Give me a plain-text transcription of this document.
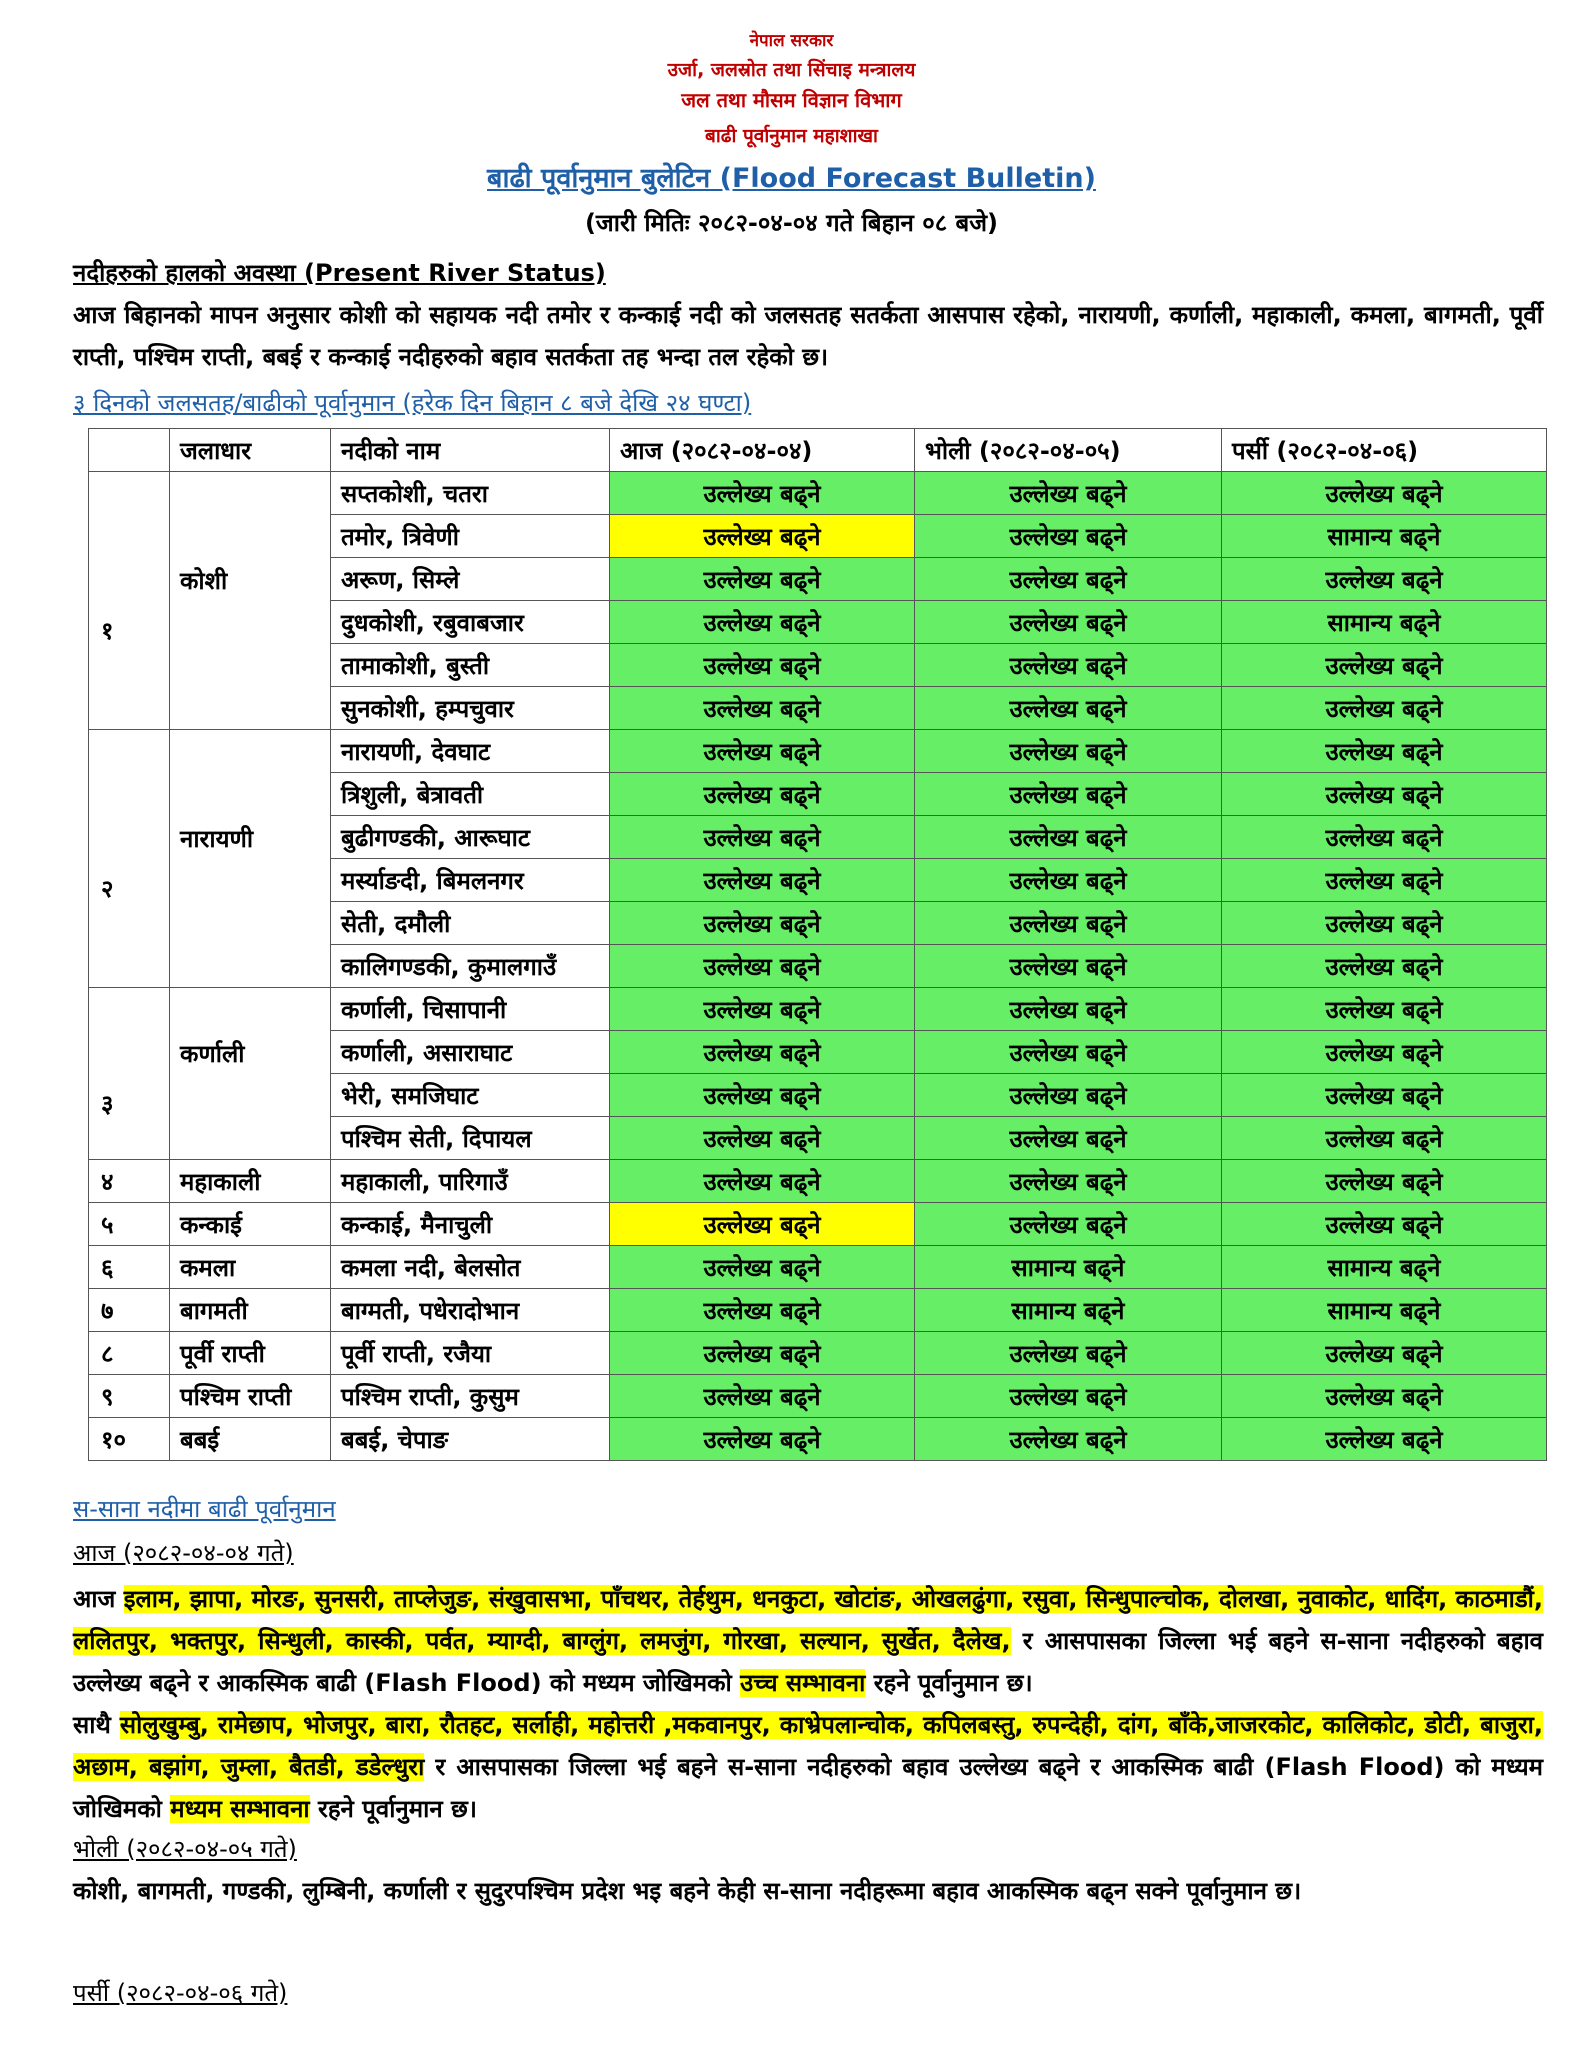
नेपाल सरकार
उर्जा, जलस्रोत तथा सिंचाइ मन्त्रालय
जल तथा मौसम विज्ञान विभाग
बाढी पूर्वानुमान महाशाखा
बाढी पूर्वानुमान बुलेटिन (Flood Forecast Bulletin)
(जारी मितिः २०८२-०४-०४ गते बिहान ०८ बजे)
नदीहरुको हालको अवस्था (Present River Status)
आज बिहानको मापन अनुसार कोशी को सहायक नदी तमोर र कन्काई नदी को जलसतह सतर्कता आसपास रहेको, नारायणी, कर्णाली, महाकाली, कमला, बागमती, पूर्वी राप्ती, पश्चिम राप्ती, बबई र कन्काई नदीहरुको बहाव सतर्कता तह भन्दा तल रहेको छ।
३ दिनको जलसतह/बाढीको पूर्वानुमान (हरेक दिन बिहान ८ बजे देखि २४ घण्टा)
	जलाधार	नदीको नाम	आज (२०८२-०४-०४)	भोली (२०८२-०४-०५)	पर्सी (२०८२-०४-०६)
१	कोशी	सप्तकोशी, चतरा	उल्लेख्य बढ्ने	उल्लेख्य बढ्ने	उल्लेख्य बढ्ने
		तमोर, त्रिवेणी	उल्लेख्य बढ्ने	उल्लेख्य बढ्ने	सामान्य बढ्ने
		अरूण, सिम्ले	उल्लेख्य बढ्ने	उल्लेख्य बढ्ने	उल्लेख्य बढ्ने
		दुधकोशी, रबुवाबजार	उल्लेख्य बढ्ने	उल्लेख्य बढ्ने	सामान्य बढ्ने
		तामाकोशी, बुस्ती	उल्लेख्य बढ्ने	उल्लेख्य बढ्ने	उल्लेख्य बढ्ने
		सुनकोशी, हम्पचुवार	उल्लेख्य बढ्ने	उल्लेख्य बढ्ने	उल्लेख्य बढ्ने
२	नारायणी	नारायणी, देवघाट	उल्लेख्य बढ्ने	उल्लेख्य बढ्ने	उल्लेख्य बढ्ने
		त्रिशुली, बेत्रावती	उल्लेख्य बढ्ने	उल्लेख्य बढ्ने	उल्लेख्य बढ्ने
		बुढीगण्डकी, आरूघाट	उल्लेख्य बढ्ने	उल्लेख्य बढ्ने	उल्लेख्य बढ्ने
		मर्स्याङदी, बिमलनगर	उल्लेख्य बढ्ने	उल्लेख्य बढ्ने	उल्लेख्य बढ्ने
		सेती, दमौली	उल्लेख्य बढ्ने	उल्लेख्य बढ्ने	उल्लेख्य बढ्ने
		कालिगण्डकी, कुमालगाउँ	उल्लेख्य बढ्ने	उल्लेख्य बढ्ने	उल्लेख्य बढ्ने
३	कर्णाली	कर्णाली, चिसापानी	उल्लेख्य बढ्ने	उल्लेख्य बढ्ने	उल्लेख्य बढ्ने
		कर्णाली, असाराघाट	उल्लेख्य बढ्ने	उल्लेख्य बढ्ने	उल्लेख्य बढ्ने
		भेरी, समजिघाट	उल्लेख्य बढ्ने	उल्लेख्य बढ्ने	उल्लेख्य बढ्ने
		पश्चिम सेती, दिपायल	उल्लेख्य बढ्ने	उल्लेख्य बढ्ने	उल्लेख्य बढ्ने
४	महाकाली	महाकाली, पारिगाउँ	उल्लेख्य बढ्ने	उल्लेख्य बढ्ने	उल्लेख्य बढ्ने
५	कन्काई	कन्काई, मैनाचुली	उल्लेख्य बढ्ने	उल्लेख्य बढ्ने	उल्लेख्य बढ्ने
६	कमला	कमला नदी, बेलसोत	उल्लेख्य बढ्ने	सामान्य बढ्ने	सामान्य बढ्ने
७	बागमती	बाग्मती, पधेरादोभान	उल्लेख्य बढ्ने	सामान्य बढ्ने	सामान्य बढ्ने
८	पूर्वी राप्ती	पूर्वी राप्ती, रजैया	उल्लेख्य बढ्ने	उल्लेख्य बढ्ने	उल्लेख्य बढ्ने
९	पश्चिम राप्ती	पश्चिम राप्ती, कुसुम	उल्लेख्य बढ्ने	उल्लेख्य बढ्ने	उल्लेख्य बढ्ने
१०	बबई	बबई, चेपाङ	उल्लेख्य बढ्ने	उल्लेख्य बढ्ने	उल्लेख्य बढ्ने
स-साना नदीमा बाढी पूर्वानुमान
आज (२०८२-०४-०४ गते)
आज इलाम, झापा, मोरङ, सुनसरी, ताप्लेजुङ, संखुवासभा, पाँचथर, तेर्हथुम, धनकुटा, खोटांङ, ओखलढुंगा, रसुवा, सिन्धुपाल्चोक, दोलखा, नुवाकोट, धादिंग, काठमाडौं, ललितपुर, भक्तपुर, सिन्धुली, कास्की, पर्वत, म्याग्दी, बाग्लुंग, लमजुंग, गोरखा, सल्यान, सुर्खेत, दैलेख, र आसपासका जिल्ला भई बहने स-साना नदीहरुको बहाव उल्लेख्य बढ्ने र आकस्मिक बाढी (Flash Flood) को मध्यम जोखिमको उच्च सम्भावना रहने पूर्वानुमान छ।
साथै सोलुखुम्बु, रामेछाप, भोजपुर, बारा, रौतहट, सर्लाही, महोत्तरी ,मकवानपुर, काभ्रेपलान्चोक, कपिलबस्तु, रुपन्देही, दांग, बाँके,जाजरकोट, कालिकोट, डोटी, बाजुरा, अछाम, बझांग, जुम्ला, बैतडी, डडेल्धुरा र आसपासका जिल्ला भई बहने स-साना नदीहरुको बहाव उल्लेख्य बढ्ने र आकस्मिक बाढी (Flash Flood) को मध्यम जोखिमको मध्यम सम्भावना रहने पूर्वानुमान छ।
भोली (२०८२-०४-०५ गते)
कोशी, बागमती, गण्डकी, लुम्बिनी, कर्णाली र सुदुरपश्चिम प्रदेश भइ बहने केही स-साना नदीहरूमा बहाव आकस्मिक बढ्न सक्ने पूर्वानुमान छ।
पर्सी (२०८२-०४-०६ गते)
